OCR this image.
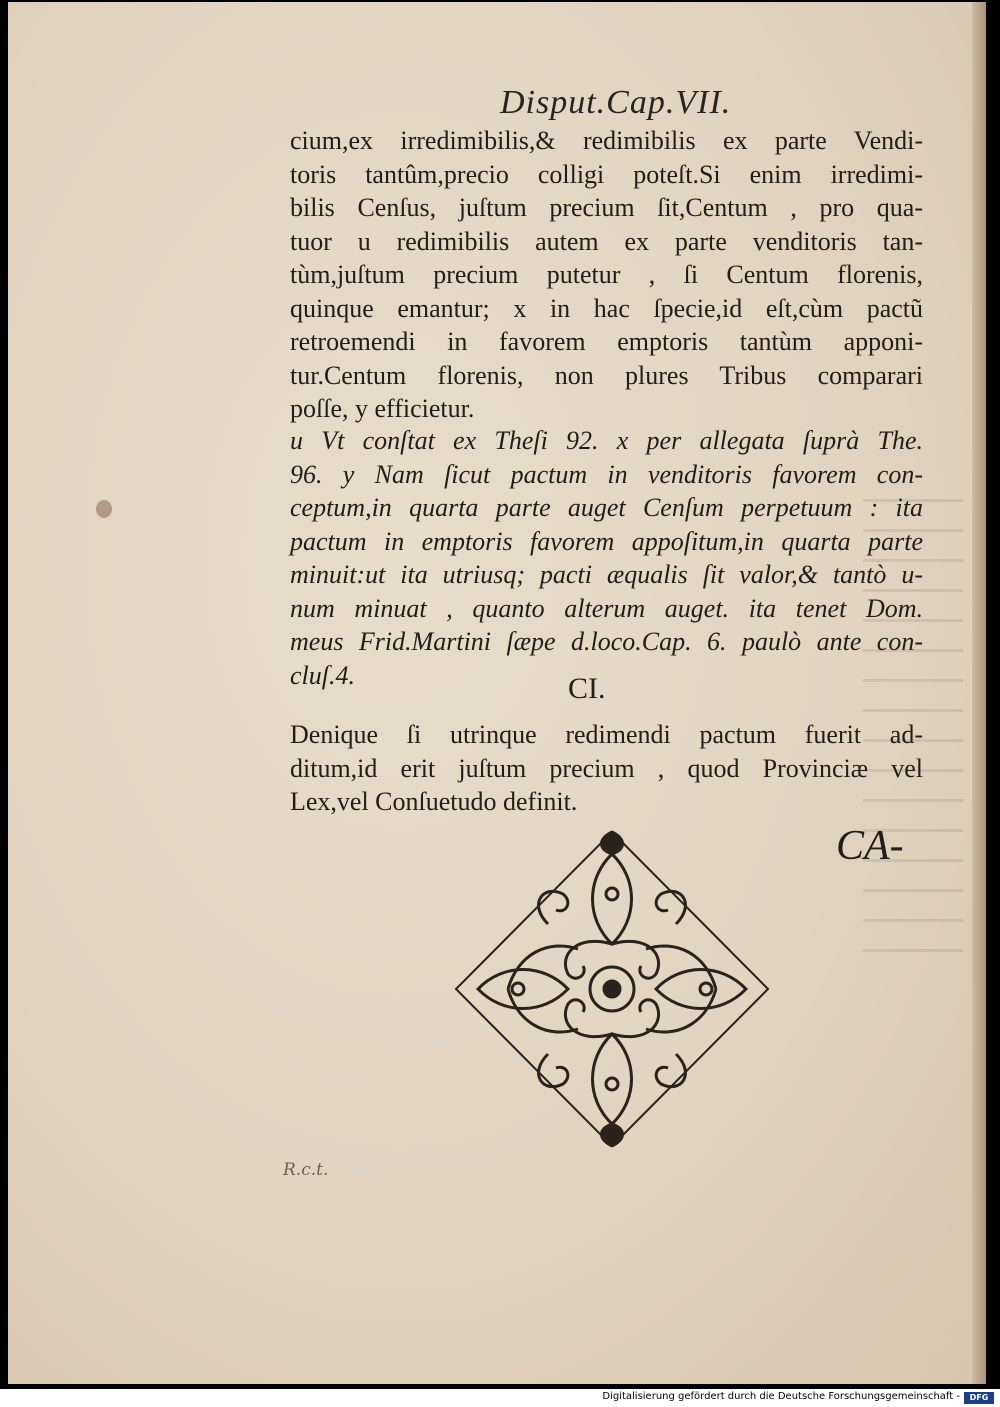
R.c.t.
Disput.Cap.VII.
cium,ex irredimibilis,& redimibilis ex parte Vendi-
toris tantûm,precio colligi poteſt.Si enim irredimi-
bilis Cenſus, juſtum precium ſit,Centum , pro qua-
tuor u redimibilis autem ex parte venditoris tan-
tùm,juſtum precium putetur , ſi Centum florenis,
quinque emantur; x in hac ſpecie,id eſt,cùm pactũ
retroemendi in favorem emptoris tantùm apponi-
tur.Centum florenis, non plures Tribus comparari
poſſe, y efficietur.
u Vt conſtat ex Theſi 92. x per allegata ſuprà The.
96. y Nam ſicut pactum in venditoris favorem con-
ceptum,in quarta parte auget Cenſum perpetuum : ita
pactum in emptoris favorem appoſitum,in quarta parte
minuit:ut ita utriusq; pacti æqualis ſit valor,& tantò u-
num minuat , quanto alterum auget. ita tenet Dom.
meus Frid.Martini ſæpe d.loco.Cap. 6. paulò ante con-
cluſ.4.	CI.
Denique ſi utrinque redimendi pactum fuerit ad-
ditum,id erit juſtum precium , quod Provinciæ vel
Lex,vel Conſuetudo definit.
CA-
Digitalisierung gefördert durch die Deutsche Forschungsgemeinschaft -	DFG
